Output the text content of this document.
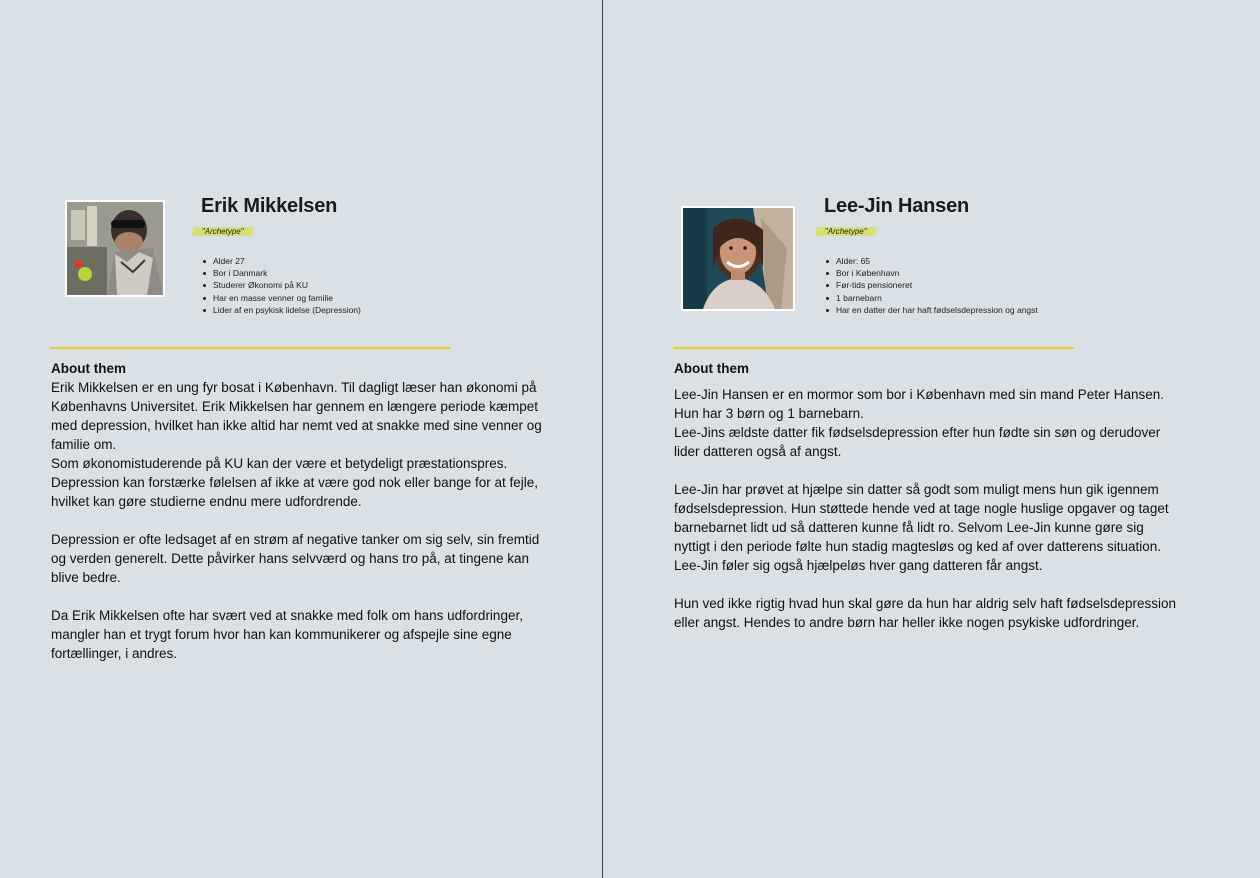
Erik Mikkelsen
"Archetype"
Alder 27
Bor i Danmark
Studerer Økonomi på KU
Har en masse venner og familie
Lider af en psykisk lidelse (Depression)
About them

Erik Mikkelsen er en ung fyr bosat i København. Til dagligt læser han økonomi på

Københavns Universitet. Erik Mikkelsen har gennem en længere periode kæmpet

med depression, hvilket han ikke altid har nemt ved at snakke med sine venner og

familie om.

Som økonomistuderende på KU kan der være et betydeligt præstationspres.

Depression kan forstærke følelsen af ikke at være god nok eller bange for at fejle,

hvilket kan gøre studierne endnu mere udfordrende.

Depression er ofte ledsaget af en strøm af negative tanker om sig selv, sin fremtid

og verden generelt. Dette påvirker hans selvværd og hans tro på, at tingene kan

blive bedre.

Da Erik Mikkelsen ofte har svært ved at snakke med folk om hans udfordringer,

mangler han et trygt forum hvor han kan kommunikerer og afspejle sine egne

fortællinger, i andres.

Lee-Jin Hansen
"Archetype"
Alder: 65
Bor i København
Før-tids pensioneret
1 barnebarn
Har en datter der har haft fødselsdepression og angst
About them

Lee-Jin Hansen er en mormor som bor i København med sin mand Peter Hansen.

Hun har 3 børn og 1 barnebarn.

Lee-Jins ældste datter fik fødselsdepression efter hun fødte sin søn og derudover

lider datteren også af angst.

Lee-Jin har prøvet at hjælpe sin datter så godt som muligt mens hun gik igennem

fødselsdepression. Hun støttede hende ved at tage nogle huslige opgaver og taget

barnebarnet lidt ud så datteren kunne få lidt ro. Selvom Lee-Jin kunne gøre sig

nyttigt i den periode følte hun stadig magtesløs og ked af over datterens situation.

Lee-Jin føler sig også hjælpeløs hver gang datteren får angst.

Hun ved ikke rigtig hvad hun skal gøre da hun har aldrig selv haft fødselsdepression

eller angst. Hendes to andre børn har heller ikke nogen psykiske udfordringer.
